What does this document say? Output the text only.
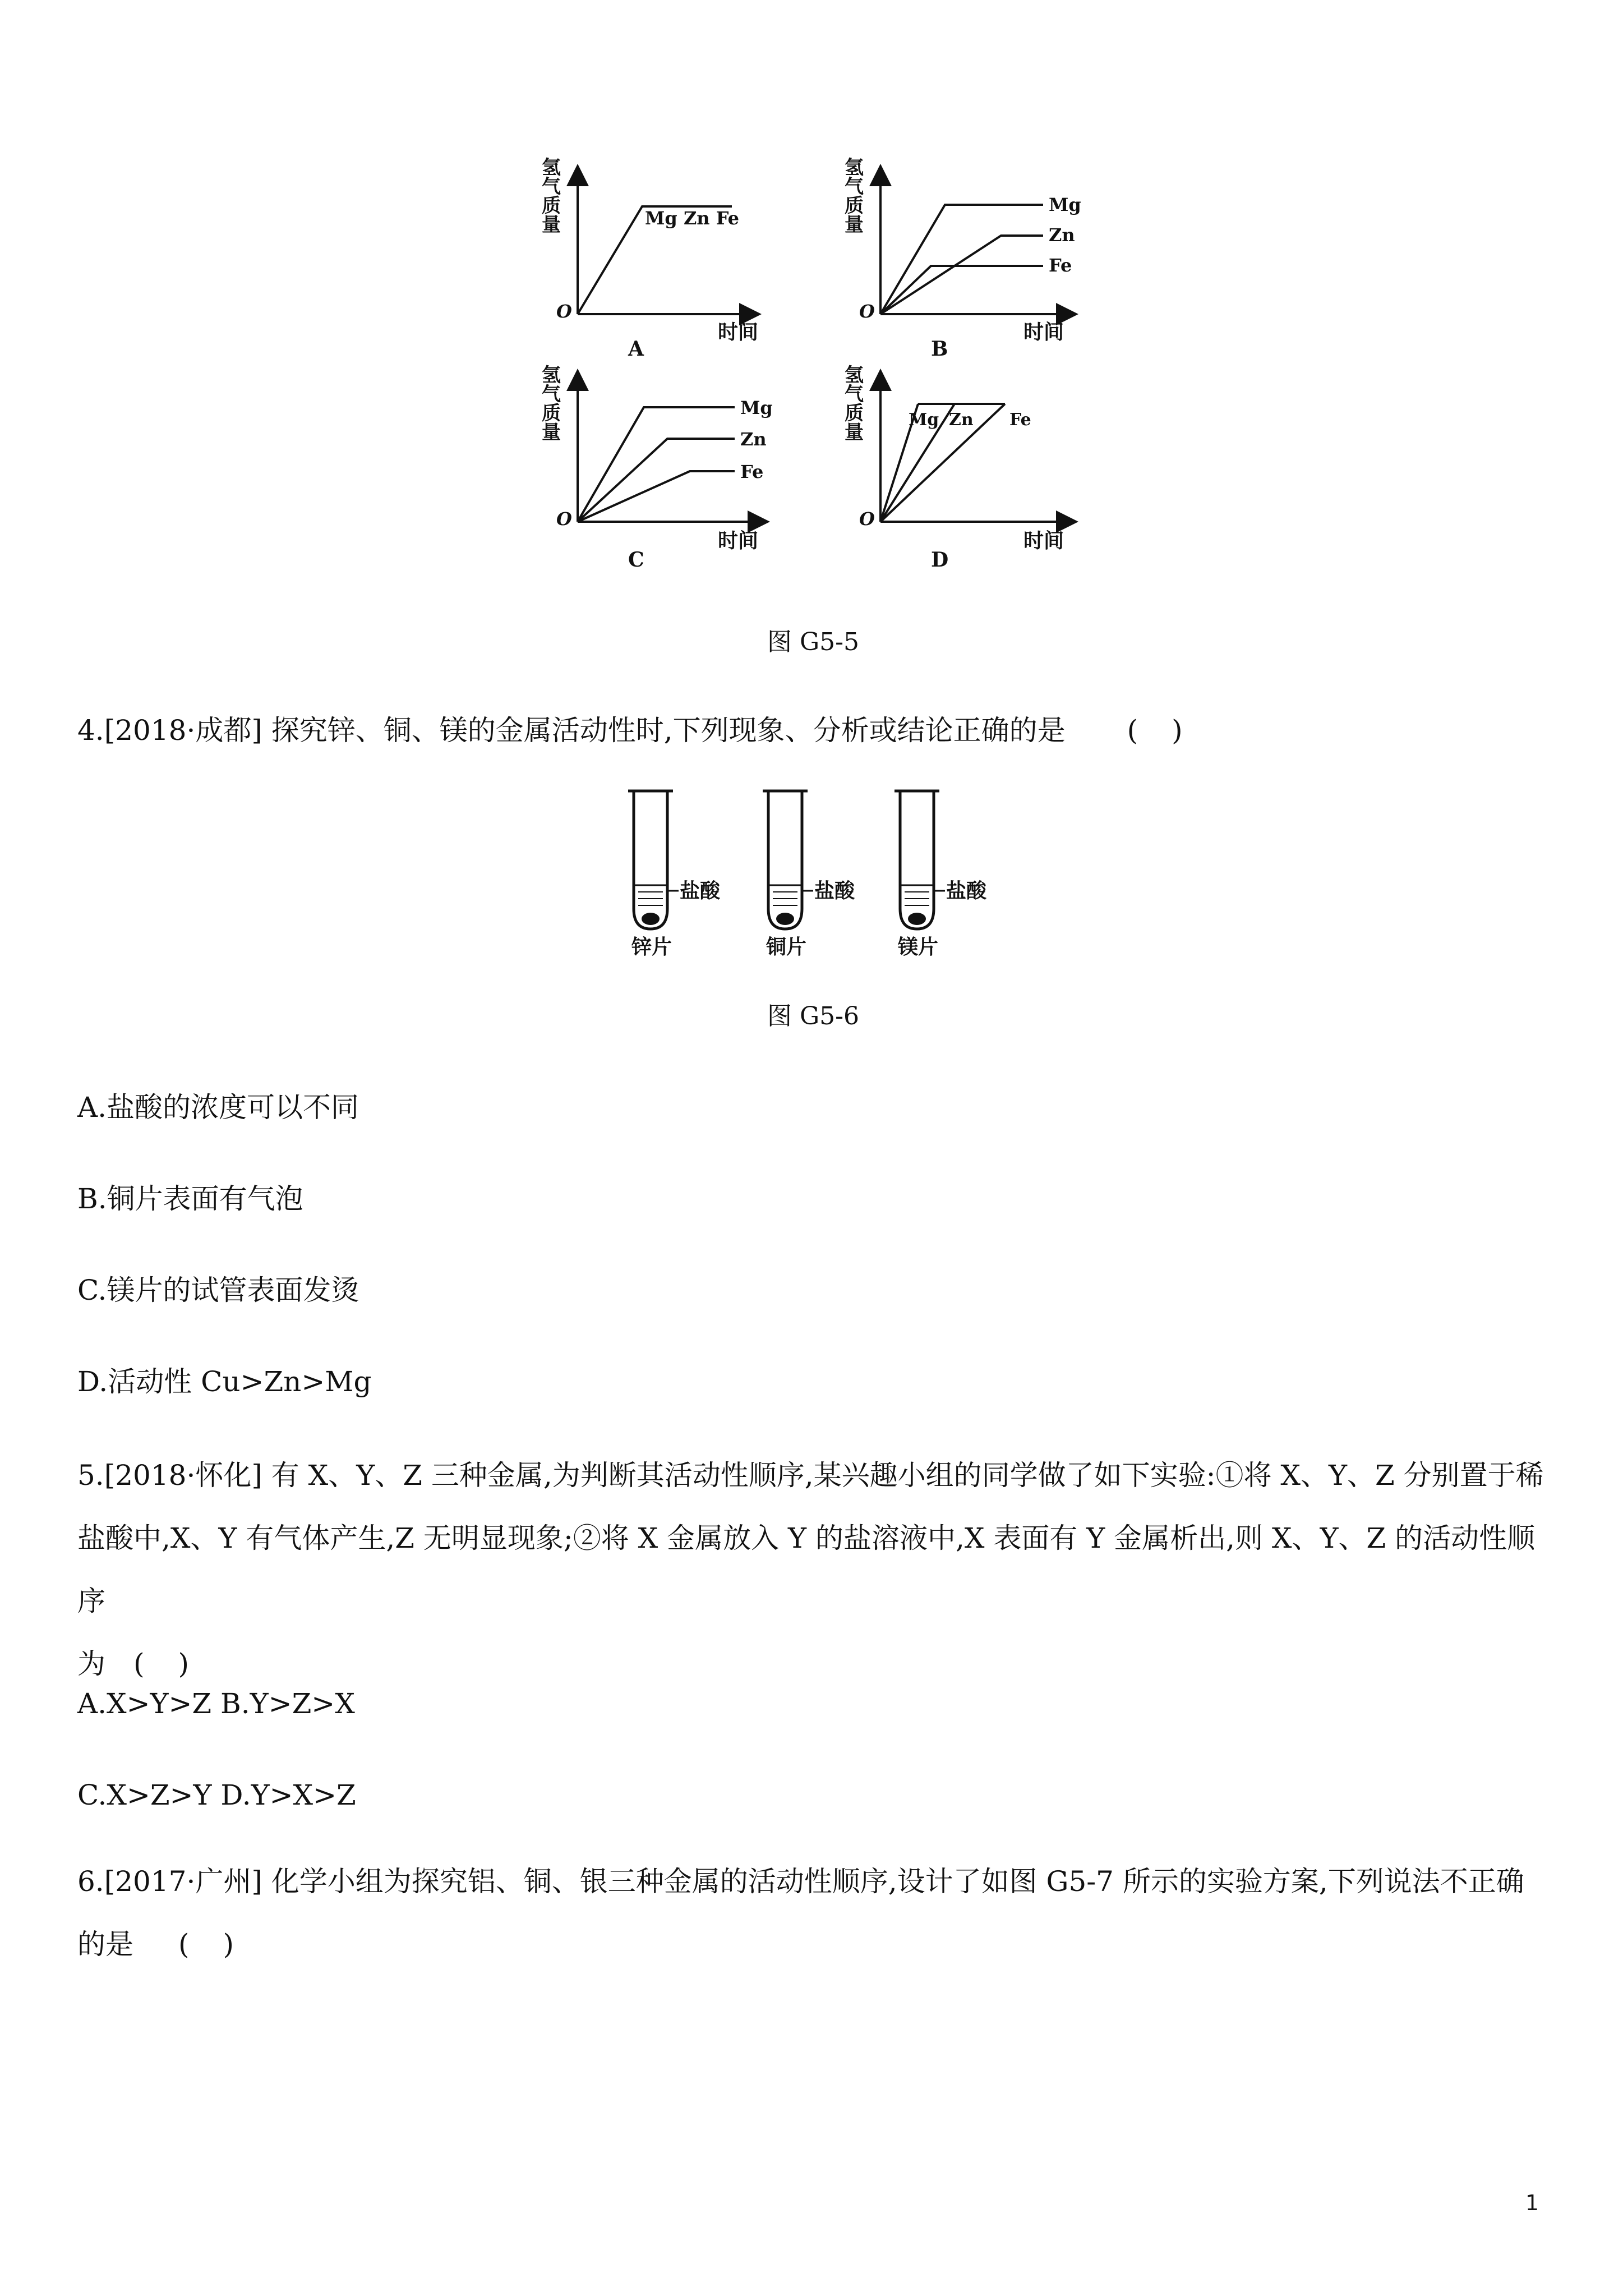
氢气质量
O
时间
A
Mg Zn Fe
氢气质量
O
时间
B
Mg
Zn
Fe
氢气质量
O
时间
C
Mg
Zn
Fe
氢气质量
O
时间
D
Mg Zn Fe
图 G5-5
4.[2018·成都] 探究锌、铜、镁的金属活动性时,下列现象、分析或结论正确的是 ( )
盐酸
锌片
盐酸
铜片
盐酸
镁片
图 G5-6
A.盐酸的浓度可以不同
B.铜片表面有气泡
C.镁片的试管表面发烫
D.活动性 Cu>Zn>Mg
5.[2018·怀化] 有 X、Y、Z 三种金属,为判断其活动性顺序,某兴趣小组的同学做了如下实验:①将 X、Y、Z 分别置于稀
盐酸中,X、Y 有气体产生,Z 无明显现象;②将 X 金属放入 Y 的盐溶液中,X 表面有 Y 金属析出,则 X、Y、Z 的活动性顺序
为 ( )
A.X>Y>Z B.Y>Z>X
C.X>Z>Y D.Y>X>Z
6.[2017·广州] 化学小组为探究铝、铜、银三种金属的活动性顺序,设计了如图 G5-7 所示的实验方案,下列说法不正确
的是 ( )
1
